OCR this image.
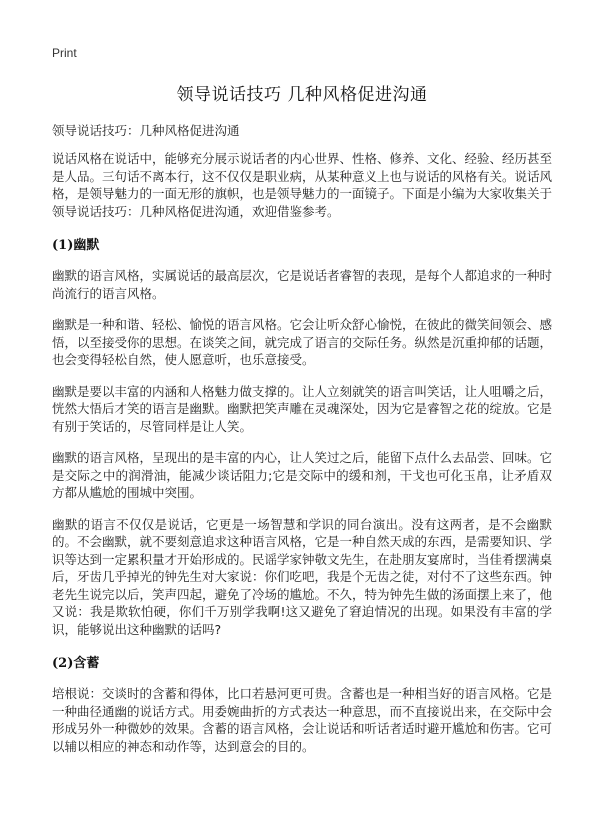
Print
领导说话技巧 几种风格促进沟通
领导说话技巧：几种风格促进沟通

说话风格在说话中，能够充分展示说话者的内心世界、性格、修养、文化、经验、经历甚至是人品。三句话不离本行，这不仅仅是职业病，从某种意义上也与说话的风格有关。说话风格，是领导魅力的一面无形的旗帜，也是领导魅力的一面镜子。下面是小编为大家收集关于领导说话技巧：几种风格促进沟通，欢迎借鉴参考。

(1)幽默

幽默的语言风格，实属说话的最高层次，它是说话者睿智的表现，是每个人都追求的一种时尚流行的语言风格。

幽默是一种和谐、轻松、愉悦的语言风格。它会让听众舒心愉悦，在彼此的微笑间领会、感悟，以至接受你的思想。在谈笑之间，就完成了语言的交际任务。纵然是沉重抑郁的话题，也会变得轻松自然，使人愿意听，也乐意接受。

幽默是要以丰富的内涵和人格魅力做支撑的。让人立刻就笑的语言叫笑话，让人咀嚼之后，恍然大悟后才笑的语言是幽默。幽默把笑声雕在灵魂深处，因为它是睿智之花的绽放。它是有别于笑话的，尽管同样是让人笑。

幽默的语言风格，呈现出的是丰富的内心，让人笑过之后，能留下点什么去品尝、回味。它是交际之中的润滑油，能减少谈话阻力;它是交际中的缓和剂，干戈也可化玉帛，让矛盾双方都从尴尬的围城中突围。

幽默的语言不仅仅是说话，它更是一场智慧和学识的同台演出。没有这两者，是不会幽默的。不会幽默，就不要刻意追求这种语言风格，它是一种自然天成的东西，是需要知识、学识等达到一定累积量才开始形成的。民谣学家钟敬文先生，在赴朋友宴席时，当佳肴摆满桌后，牙齿几乎掉光的钟先生对大家说：你们吃吧，我是个无齿之徒，对付不了这些东西。钟老先生说完以后，笑声四起，避免了冷场的尴尬。不久，特为钟先生做的汤面摆上来了，他又说：我是欺软怕硬，你们千万别学我啊!这又避免了窘迫情况的出现。如果没有丰富的学识，能够说出这种幽默的话吗?

(2)含蓄

培根说：交谈时的含蓄和得体，比口若悬河更可贵。含蓄也是一种相当好的语言风格。它是一种曲径通幽的说话方式。用委婉曲折的方式表达一种意思，而不直接说出来，在交际中会形成另外一种微妙的效果。含蓄的语言风格，会让说话和听话者适时避开尴尬和伤害。它可以辅以相应的神态和动作等，达到意会的目的。
